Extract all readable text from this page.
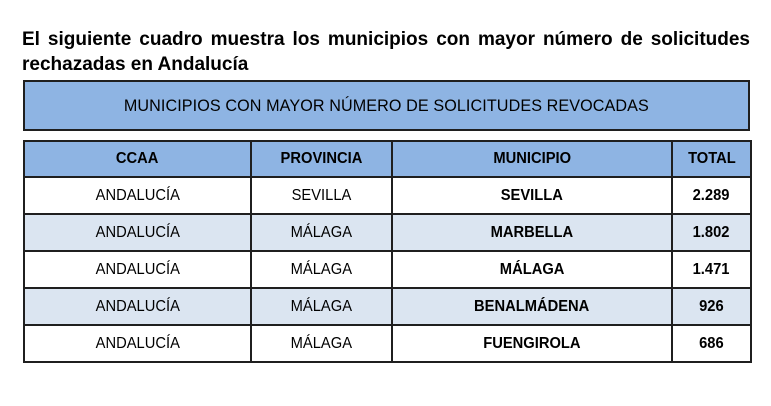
El siguiente cuadro muestra los municipios con mayor número de solicitudes rechazadas en Andalucía

MUNICIPIOS CON MAYOR NÚMERO DE SOLICITUDES REVOCADAS
CCAA	PROVINCIA	MUNICIPIO	TOTAL
ANDALUCÍA	SEVILLA	SEVILLA	2.289
ANDALUCÍA	MÁLAGA	MARBELLA	1.802
ANDALUCÍA	MÁLAGA	MÁLAGA	1.471
ANDALUCÍA	MÁLAGA	BENALMÁDENA	926
ANDALUCÍA	MÁLAGA	FUENGIROLA	686
